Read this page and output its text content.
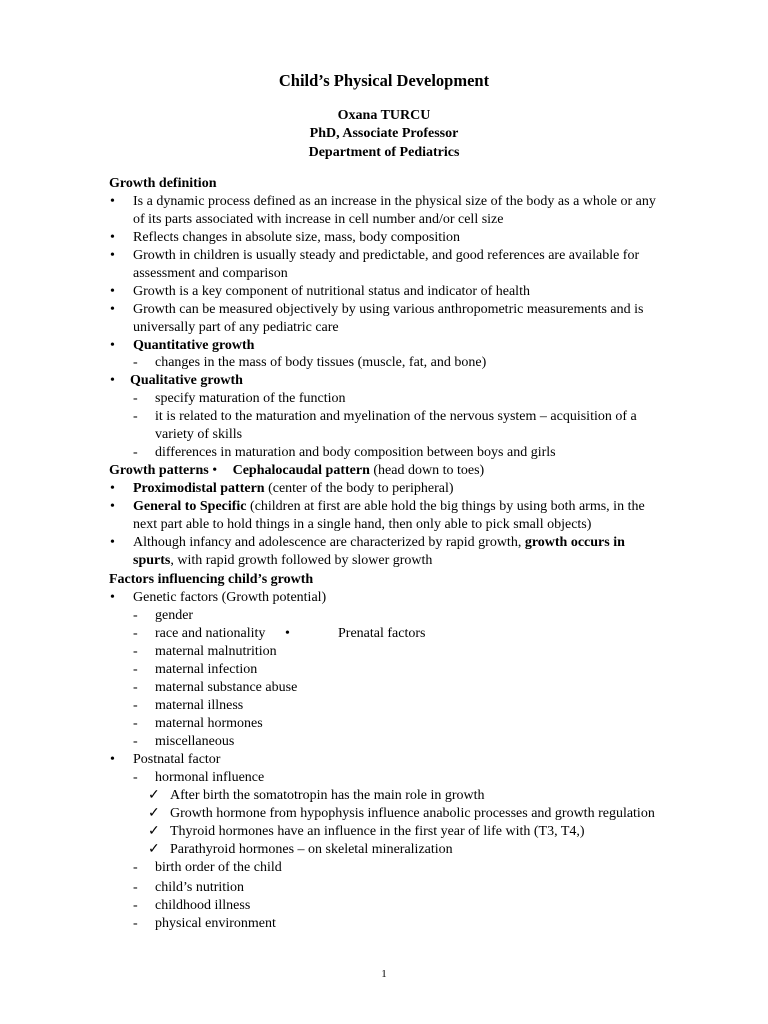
Child’s Physical Development
Oxana TURCU
PhD, Associate Professor
Department of Pediatrics
Growth definition
• Is a dynamic process defined as an increase in the physical size of the body as a whole or any
of its parts associated with increase in cell number and/or cell size
• Reflects changes in absolute size, mass, body composition
• Growth in children is usually steady and predictable, and good references are available for
assessment and comparison
• Growth is a key component of nutritional status and indicator of health
• Growth can be measured objectively by using various anthropometric measurements and is
universally part of any pediatric care
• Quantitative growth
- changes in the mass of body tissues (muscle, fat, and bone)
• Qualitative growth
- specify maturation of the function
- it is related to the maturation and myelination of the nervous system – acquisition of a
variety of skills
- differences in maturation and body composition between boys and girls
Growth patterns • Cephalocaudal pattern (head down to toes)
• Proximodistal pattern (center of the body to peripheral)
• General to Specific (children at first are able hold the big things by using both arms, in the
next part able to hold things in a single hand, then only able to pick small objects)
• Although infancy and adolescence are characterized by rapid growth, growth occurs in
spurts, with rapid growth followed by slower growth
Factors influencing child’s growth
• Genetic factors (Growth potential)
- gender
- race and nationality •	Prenatal factors
- maternal malnutrition
- maternal infection
- maternal substance abuse
- maternal illness
- maternal hormones
- miscellaneous
• Postnatal factor
- hormonal influence
✓ After birth the somatotropin has the main role in growth
✓ Growth hormone from hypophysis influence anabolic processes and growth regulation
✓ Thyroid hormones have an influence in the first year of life with (T3, T4,)
✓ Parathyroid hormones – on skeletal mineralization
- birth order of the child
- child’s nutrition
- childhood illness
- physical environment
1
